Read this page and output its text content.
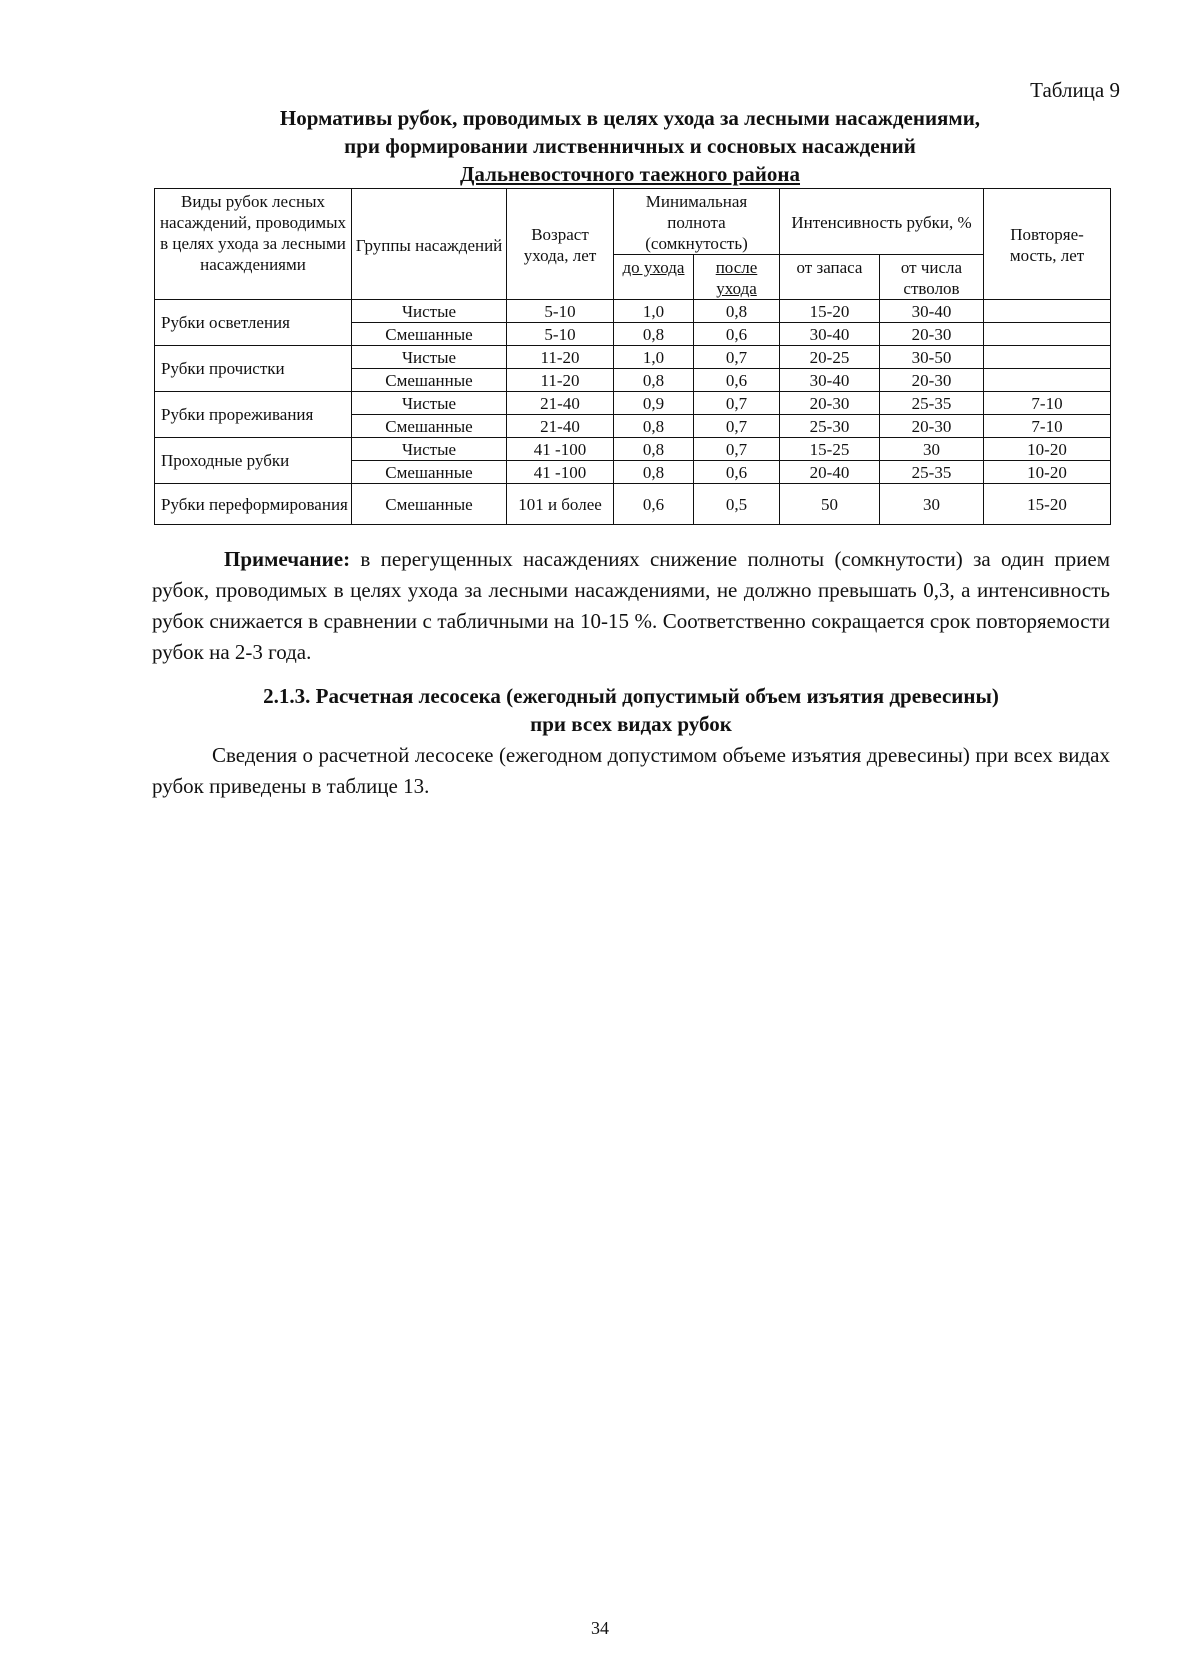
Таблица 9
Нормативы рубок, проводимых в целях ухода за лесными насаждениями,
при формировании лиственничных и сосновых насаждений
Дальневосточного таежного района
Виды рубок лесных насаждений, проводимых в целях ухода за лесными насаждениями	Группы насаждений	Возраст ухода, лет	Минимальная полнота (сомкнутость)		Интенсивность рубки, %		Повторяе-мость, лет
			до ухода	после ухода	от запаса	от числа стволов	
Рубки осветления	Чистые	5-10	1,0	0,8	15-20	30-40	
	Смешанные	5-10	0,8	0,6	30-40	20-30	
Рубки прочистки	Чистые	11-20	1,0	0,7	20-25	30-50	
	Смешанные	11-20	0,8	0,6	30-40	20-30	
Рубки прореживания	Чистые	21-40	0,9	0,7	20-30	25-35	7-10
	Смешанные	21-40	0,8	0,7	25-30	20-30	7-10
Проходные рубки	Чистые	41 -100	0,8	0,7	15-25	30	10-20
	Смешанные	41 -100	0,8	0,6	20-40	25-35	10-20
Рубки переформирования	Смешанные	101 и более	0,6	0,5	50	30	15-20

Примечание: в перегущенных насаждениях снижение полноты (сомкнутости) за один прием рубок, проводимых в целях ухода за лесными насаждениями, не должно превышать 0,3, а интенсивность рубок снижается в сравнении с табличными на 10-15 %. Соответственно сокращается срок повторяемости рубок на 2-3 года.

2.1.3. Расчетная лесосека (ежегодный допустимый объем изъятия древесины)
при всех видах рубок

Сведения о расчетной лесосеке (ежегодном допустимом объеме изъятия древесины) при всех видах рубок приведены в таблице 13.

34
